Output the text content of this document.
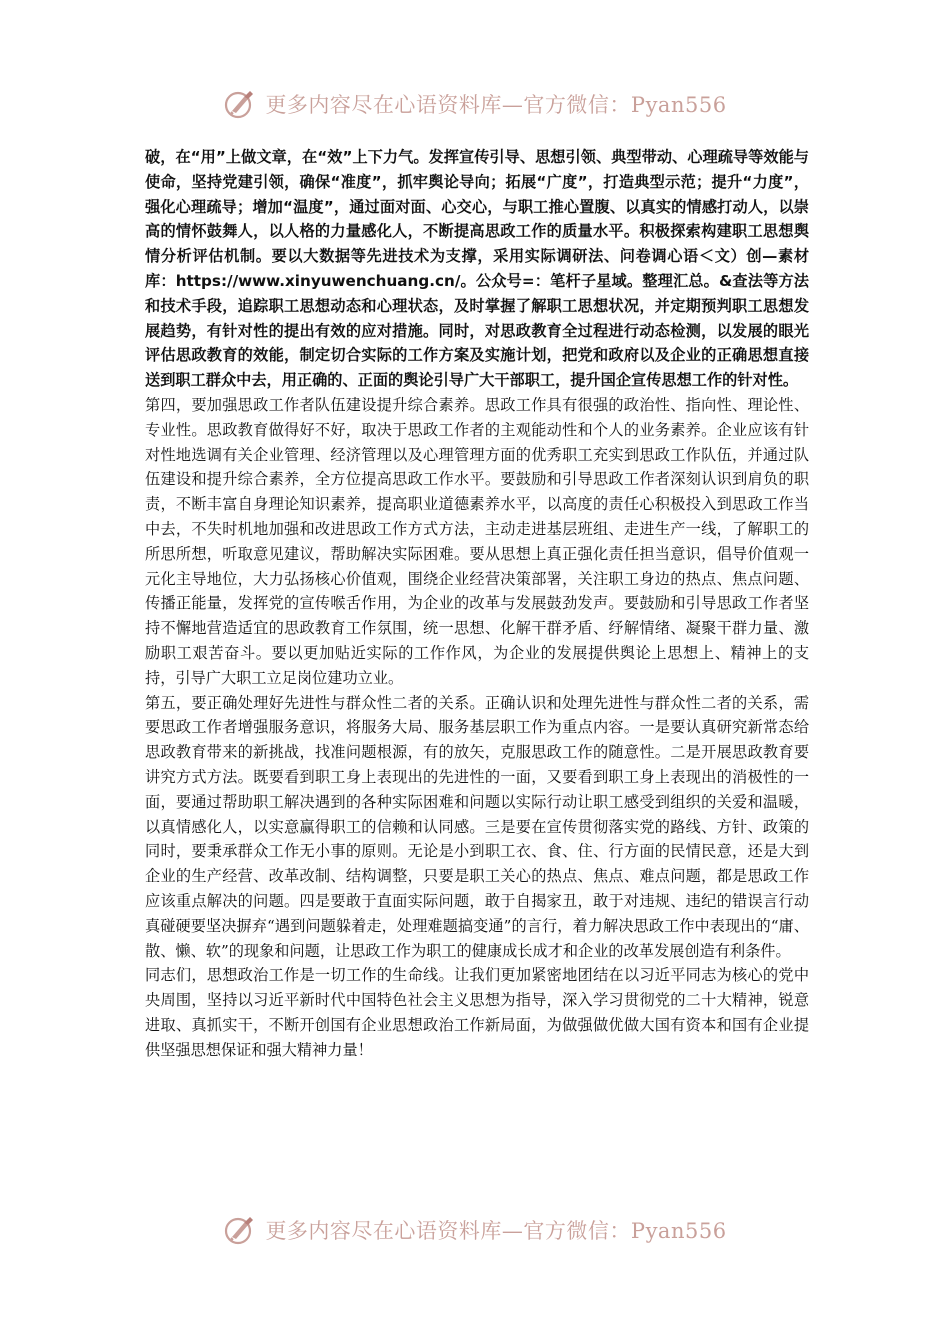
更多内容尽在心语资料库—官方微信：Pyan556

破，在“用”上做文章，在“效”上下力气。发挥宣传引导、思想引领、典型带动、心理疏导等效能与使命，坚持党建引领，确保“准度”，抓牢舆论导向；拓展“广度”，打造典型示范；提升“力度”，强化心理疏导；增加“温度”，通过面对面、心交心，与职工推心置腹、以真实的情感打动人，以崇高的情怀鼓舞人，以人格的力量感化人，不断提高思政工作的质量水平。积极探索构建职工思想舆情分析评估机制。要以大数据等先进技术为支撑，采用实际调研法、问卷调心语＜文）创—素材库：https://www.xinyuwenchuang.cn/。公众号=：笔杆子星域。整理汇总。&查法等方法和技术手段，追踪职工思想动态和心理状态，及时掌握了解职工思想状况，并定期预判职工思想发展趋势，有针对性的提出有效的应对措施。同时，对思政教育全过程进行动态检测，以发展的眼光评估思政教育的效能，制定切合实际的工作方案及实施计划，把党和政府以及企业的正确思想直接送到职工群众中去，用正确的、正面的舆论引导广大干部职工，提升国企宣传思想工作的针对性。

第四，要加强思政工作者队伍建设提升综合素养。思政工作具有很强的政治性、指向性、理论性、专业性。思政教育做得好不好，取决于思政工作者的主观能动性和个人的业务素养。企业应该有针对性地选调有关企业管理、经济管理以及心理管理方面的优秀职工充实到思政工作队伍，并通过队伍建设和提升综合素养，全方位提高思政工作水平。要鼓励和引导思政工作者深刻认识到肩负的职责，不断丰富自身理论知识素养，提高职业道德素养水平，以高度的责任心积极投入到思政工作当中去，不失时机地加强和改进思政工作方式方法，主动走进基层班组、走进生产一线，了解职工的所思所想，听取意见建议，帮助解决实际困难。要从思想上真正强化责任担当意识，倡导价值观一元化主导地位，大力弘扬核心价值观，围绕企业经营决策部署，关注职工身边的热点、焦点问题、传播正能量，发挥党的宣传喉舌作用，为企业的改革与发展鼓劲发声。要鼓励和引导思政工作者坚持不懈地营造适宜的思政教育工作氛围，统一思想、化解干群矛盾、纾解情绪、凝聚干群力量、激励职工艰苦奋斗。要以更加贴近实际的工作作风，为企业的发展提供舆论上思想上、精神上的支持，引导广大职工立足岗位建功立业。

第五，要正确处理好先进性与群众性二者的关系。正确认识和处理先进性与群众性二者的关系，需要思政工作者增强服务意识，将服务大局、服务基层职工作为重点内容。一是要认真研究新常态给思政教育带来的新挑战，找准问题根源，有的放矢，克服思政工作的随意性。二是开展思政教育要讲究方式方法。既要看到职工身上表现出的先进性的一面，又要看到职工身上表现出的消极性的一面，要通过帮助职工解决遇到的各种实际困难和问题以实际行动让职工感受到组织的关爱和温暖，以真情感化人，以实意赢得职工的信赖和认同感。三是要在宣传贯彻落实党的路线、方针、政策的同时，要秉承群众工作无小事的原则。无论是小到职工衣、食、住、行方面的民情民意，还是大到企业的生产经营、改革改制、结构调整，只要是职工关心的热点、焦点、难点问题，都是思政工作应该重点解决的问题。四是要敢于直面实际问题，敢于自揭家丑，敢于对违规、违纪的错误言行动真碰硬要坚决摒弃“遇到问题躲着走，处理难题搞变通”的言行，着力解决思政工作中表现出的“庸、散、懒、软”的现象和问题，让思政工作为职工的健康成长成才和企业的改革发展创造有利条件。

同志们，思想政治工作是一切工作的生命线。让我们更加紧密地团结在以习近平同志为核心的党中央周围，坚持以习近平新时代中国特色社会主义思想为指导，深入学习贯彻党的二十大精神，锐意进取、真抓实干，不断开创国有企业思想政治工作新局面，为做强做优做大国有资本和国有企业提供坚强思想保证和强大精神力量！

更多内容尽在心语资料库—官方微信：Pyan556
